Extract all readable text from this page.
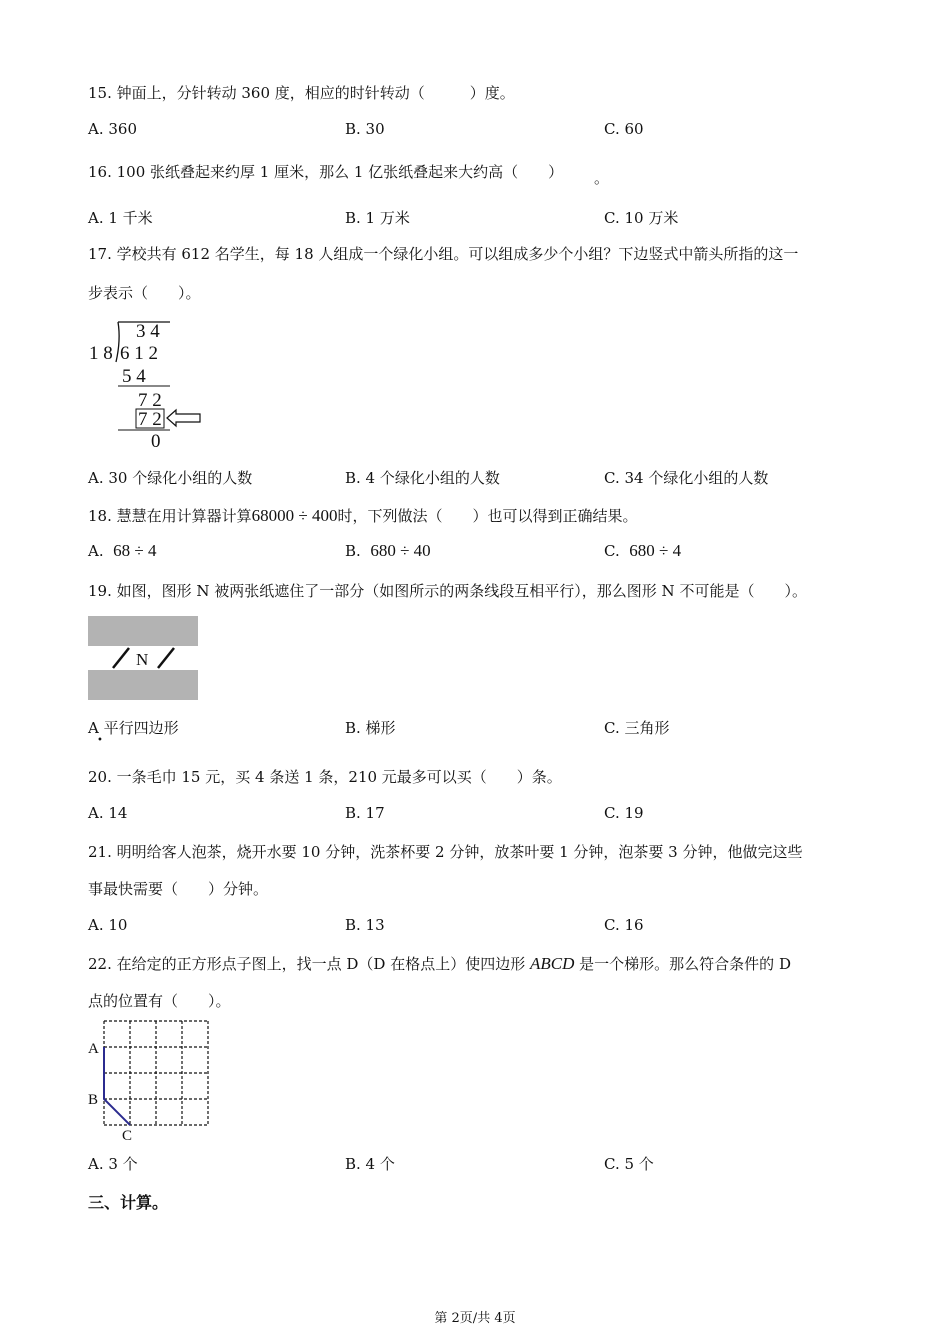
15. 钟面上，分针转动 360 度，相应的时针转动（　　　）度。
A. 360	B. 30	C. 60
16. 100 张纸叠起来约厚 1 厘米，那么 1 亿张纸叠起来大约高（　　） 。
A. 1 千米	B. 1 万米	C. 10 万米
17. 学校共有 612 名学生，每 18 人组成一个绿化小组。可以组成多少个小组？下边竖式中箭头所指的这一
步表示（　　）。
3 4
1 8 6 1 2
5 4
7 2
7 2
0
A. 30 个绿化小组的人数	B. 4 个绿化小组的人数	C. 34 个绿化小组的人数
18. 慧慧在用计算器计算68000 ÷ 400时，下列做法（　　）也可以得到正确结果。
A. 68 ÷ 4	B. 680 ÷ 40	C. 680 ÷ 4
19. 如图，图形 N 被两张纸遮住了一部分（如图所示的两条线段互相平行），那么图形 N 不可能是（　　）。
N
A 平行四边形
•
B. 梯形	C. 三角形
20. 一条毛巾 15 元，买 4 条送 1 条，210 元最多可以买（　　）条。
A. 14	B. 17	C. 19
21. 明明给客人泡茶，烧开水要 10 分钟，洗茶杯要 2 分钟，放茶叶要 1 分钟，泡茶要 3 分钟，他做完这些
事最快需要（　　）分钟。
A. 10	B. 13	C. 16
22. 在给定的正方形点子图上，找一点 D（D 在格点上）使四边形 ABCD 是一个梯形。那么符合条件的 D
点的位置有（　　）。
A
B
C
A. 3 个	B. 4 个	C. 5 个
三、计算。
第 2页/共 4页
